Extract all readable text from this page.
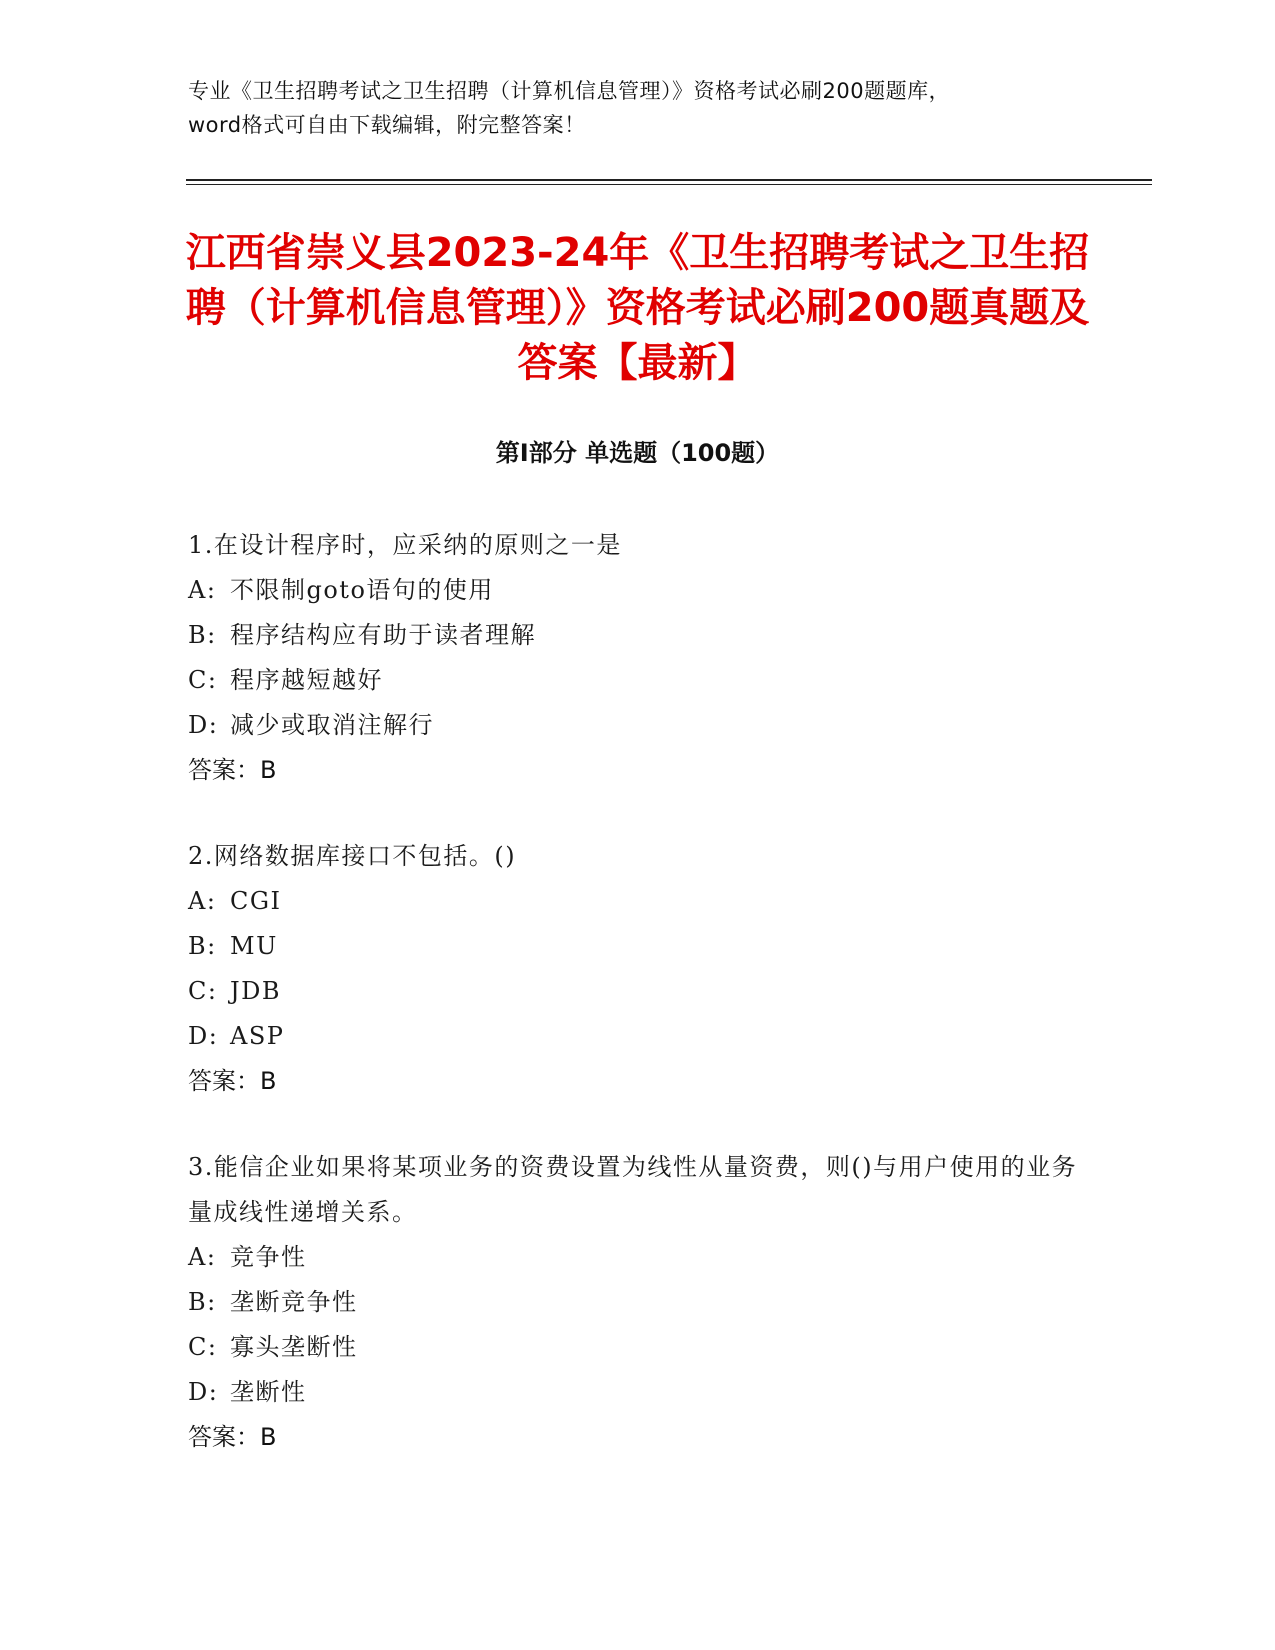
专业《卫生招聘考试之卫生招聘（计算机信息管理）》资格考试必刷200题题库，
word格式可自由下载编辑，附完整答案！
江西省崇义县2023-24年《卫生招聘考试之卫生招聘（计算机信息管理）》资格考试必刷200题真题及答案【最新】
第Ⅰ部分 单选题（100题）
1.在设计程序时，应采纳的原则之一是
A: 不限制goto语句的使用
B: 程序结构应有助于读者理解
C: 程序越短越好
D: 减少或取消注解行
答案：B
2.网络数据库接口不包括。()
A: CGI
B: MU
C: JDB
D: ASP
答案：B
3.能信企业如果将某项业务的资费设置为线性从量资费，则()与用户使用的业务量成线性递增关系。
A: 竞争性
B: 垄断竞争性
C: 寡头垄断性
D: 垄断性
答案：B
